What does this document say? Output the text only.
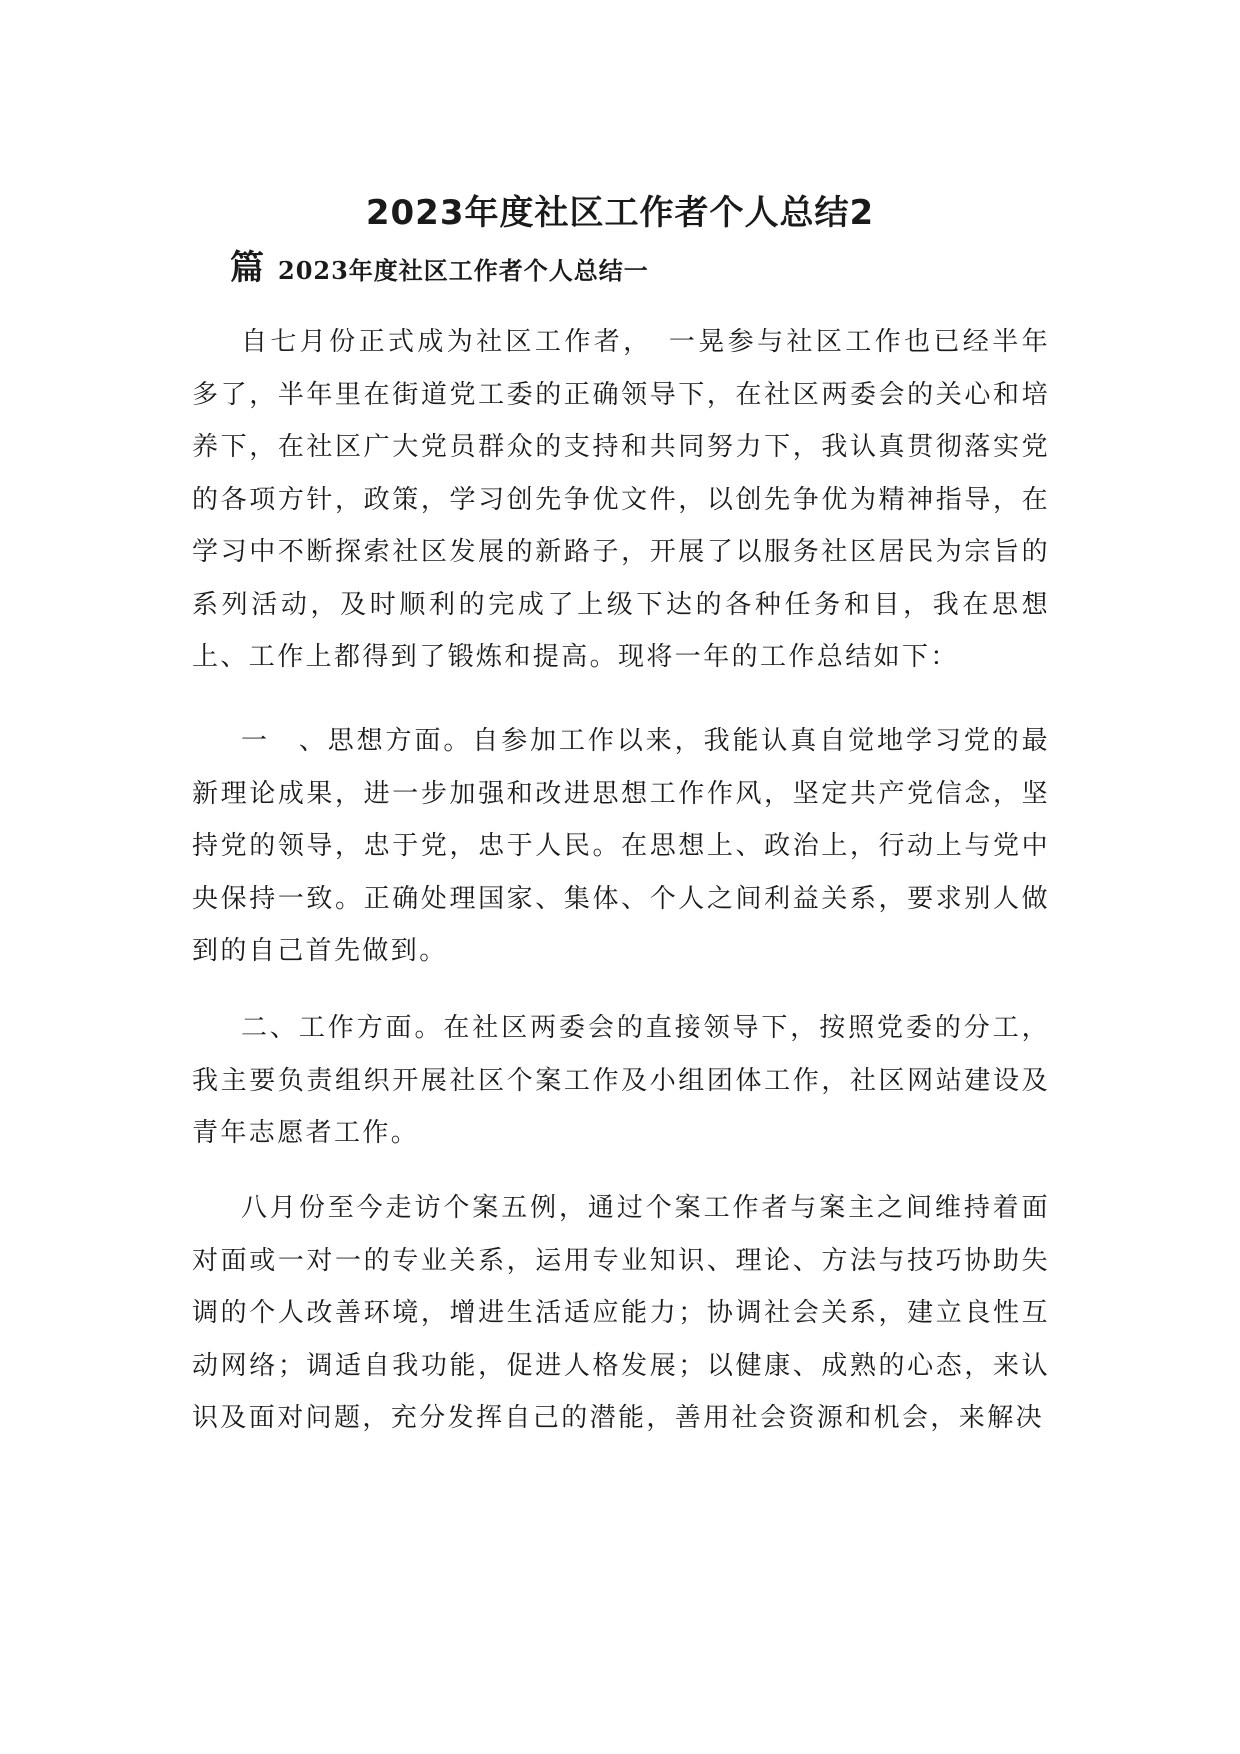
2023年度社区工作者个人总结2
篇 2023年度社区工作者个人总结一

自七月份正式成为社区工作者，　一晃参与社区工作也已经半年多了，半年里在街道党工委的正确领导下，在社区两委会的关心和培养下，在社区广大党员群众的支持和共同努力下，我认真贯彻落实党的各项方针，政策，学习创先争优文件，以创先争优为精神指导，在学习中不断探索社区发展的新路子，开展了以服务社区居民为宗旨的系列活动，及时顺利的完成了上级下达的各种任务和目，我在思想上、工作上都得到了锻炼和提高。现将一年的工作总结如下：

一　、思想方面。自参加工作以来，我能认真自觉地学习党的最新理论成果，进一步加强和改进思想工作作风，坚定共产党信念，坚持党的领导，忠于党，忠于人民。在思想上、政治上，行动上与党中央保持一致。正确处理国家、集体、个人之间利益关系，要求别人做到的自己首先做到。

二、工作方面。在社区两委会的直接领导下，按照党委的分工，我主要负责组织开展社区个案工作及小组团体工作，社区网站建设及青年志愿者工作。

八月份至今走访个案五例，通过个案工作者与案主之间维持着面对面或一对一的专业关系，运用专业知识、理论、方法与技巧协助失调的个人改善环境，增进生活适应能力；协调社会关系，建立良性互动网络；调适自我功能，促进人格发展；以健康、成熟的心态，来认识及面对问题，充分发挥自己的潜能，善用社会资源和机会，来解决
